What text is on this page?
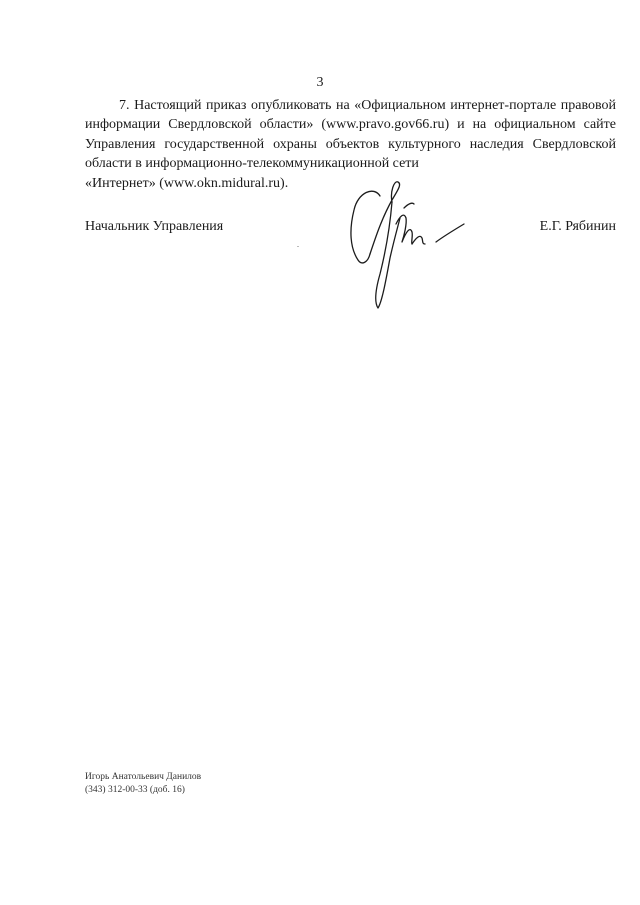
3

7. Настоящий приказ опубликовать на «Официальном интернет-портале правовой информации Свердловской области» (www.pravo.gov66.ru) и на официальном сайте Управления государственной охраны объектов культурного наследия Свердловской области в информационно-телекоммуникационной сети
«Интернет» (www.okn.midural.ru).

Начальник Управления	Е.Г. Рябинин
Игорь Анатольевич Данилов
(343) 312-00-33 (доб. 16)
